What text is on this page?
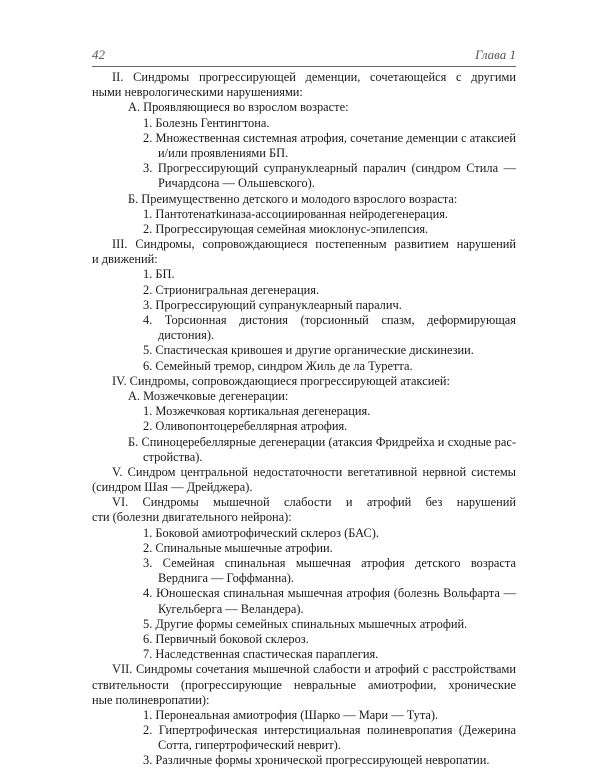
42	Глава 1
II. Синдромы прогрессирующей деменции, сочетающейся с другими
ными неврологическими нарушениями:
А. Проявляющиеся во взрослом возрасте:
1. Болезнь Гентингтона.
2. Множественная системная атрофия, сочетание деменции с атаксией
и/или проявлениями БП.
3. Прогрессирующий супрануклеарный паралич (синдром Стила —
Ричардсона — Ольшевского).
Б. Преимущественно детского и молодого взрослого возраста:
1. Пантотенатkиназа-ассоциированная нейродегенерация.
2. Прогрессирующая семейная миоклонус-эпилепсия.
III. Синдромы, сопровождающиеся постепенным развитием нарушений
и движений:
1. БП.
2. Стрионигральная дегенерация.
3. Прогрессирующий супрануклеарный паралич.
4. Торсионная дистония (торсионный спазм, деформирующая
дистония).
5. Спастическая кривошея и другие органические дискинезии.
6. Семейный тремор, синдром Жиль де ла Туретта.
IV. Синдромы, сопровождающиеся прогрессирующей атаксией:
А. Мозжечковые дегенерации:
1. Мозжечковая кортикальная дегенерация.
2. Оливопонтоцеребеллярная атрофия.
Б. Спиноцеребеллярные дегенерации (атаксия Фридрейха и сходные рас-
стройства).
V. Синдром центральной недостаточности вегетативной нервной системы
(синдром Шая — Дрейджера).
VI. Синдромы мышечной слабости и атрофий без нарушений
сти (болезни двигательного нейрона):
1. Боковой амиотрофический склероз (БАС).
2. Спинальные мышечные атрофии.
3. Семейная спинальная мышечная атрофия детского возраста
Верднига — Гоффманна).
4. Юношеская спинальная мышечная атрофия (болезнь Вольфарта —
Кугельберга — Веландера).
5. Другие формы семейных спинальных мышечных атрофий.
6. Первичный боковой склероз.
7. Наследственная спастическая параплегия.
VII. Синдромы сочетания мышечной слабости и атрофий с расстройствами
ствительности (прогрессирующие невральные амиотрофии, хронические
ные полиневропатии):
1. Перонеальная амиотрофия (Шарко — Мари — Тута).
2. Гипертрофическая интерстициальная полиневропатия (Дежерина
Сотта, гипертрофический неврит).
3. Различные формы хронической прогрессирующей невропатии.
